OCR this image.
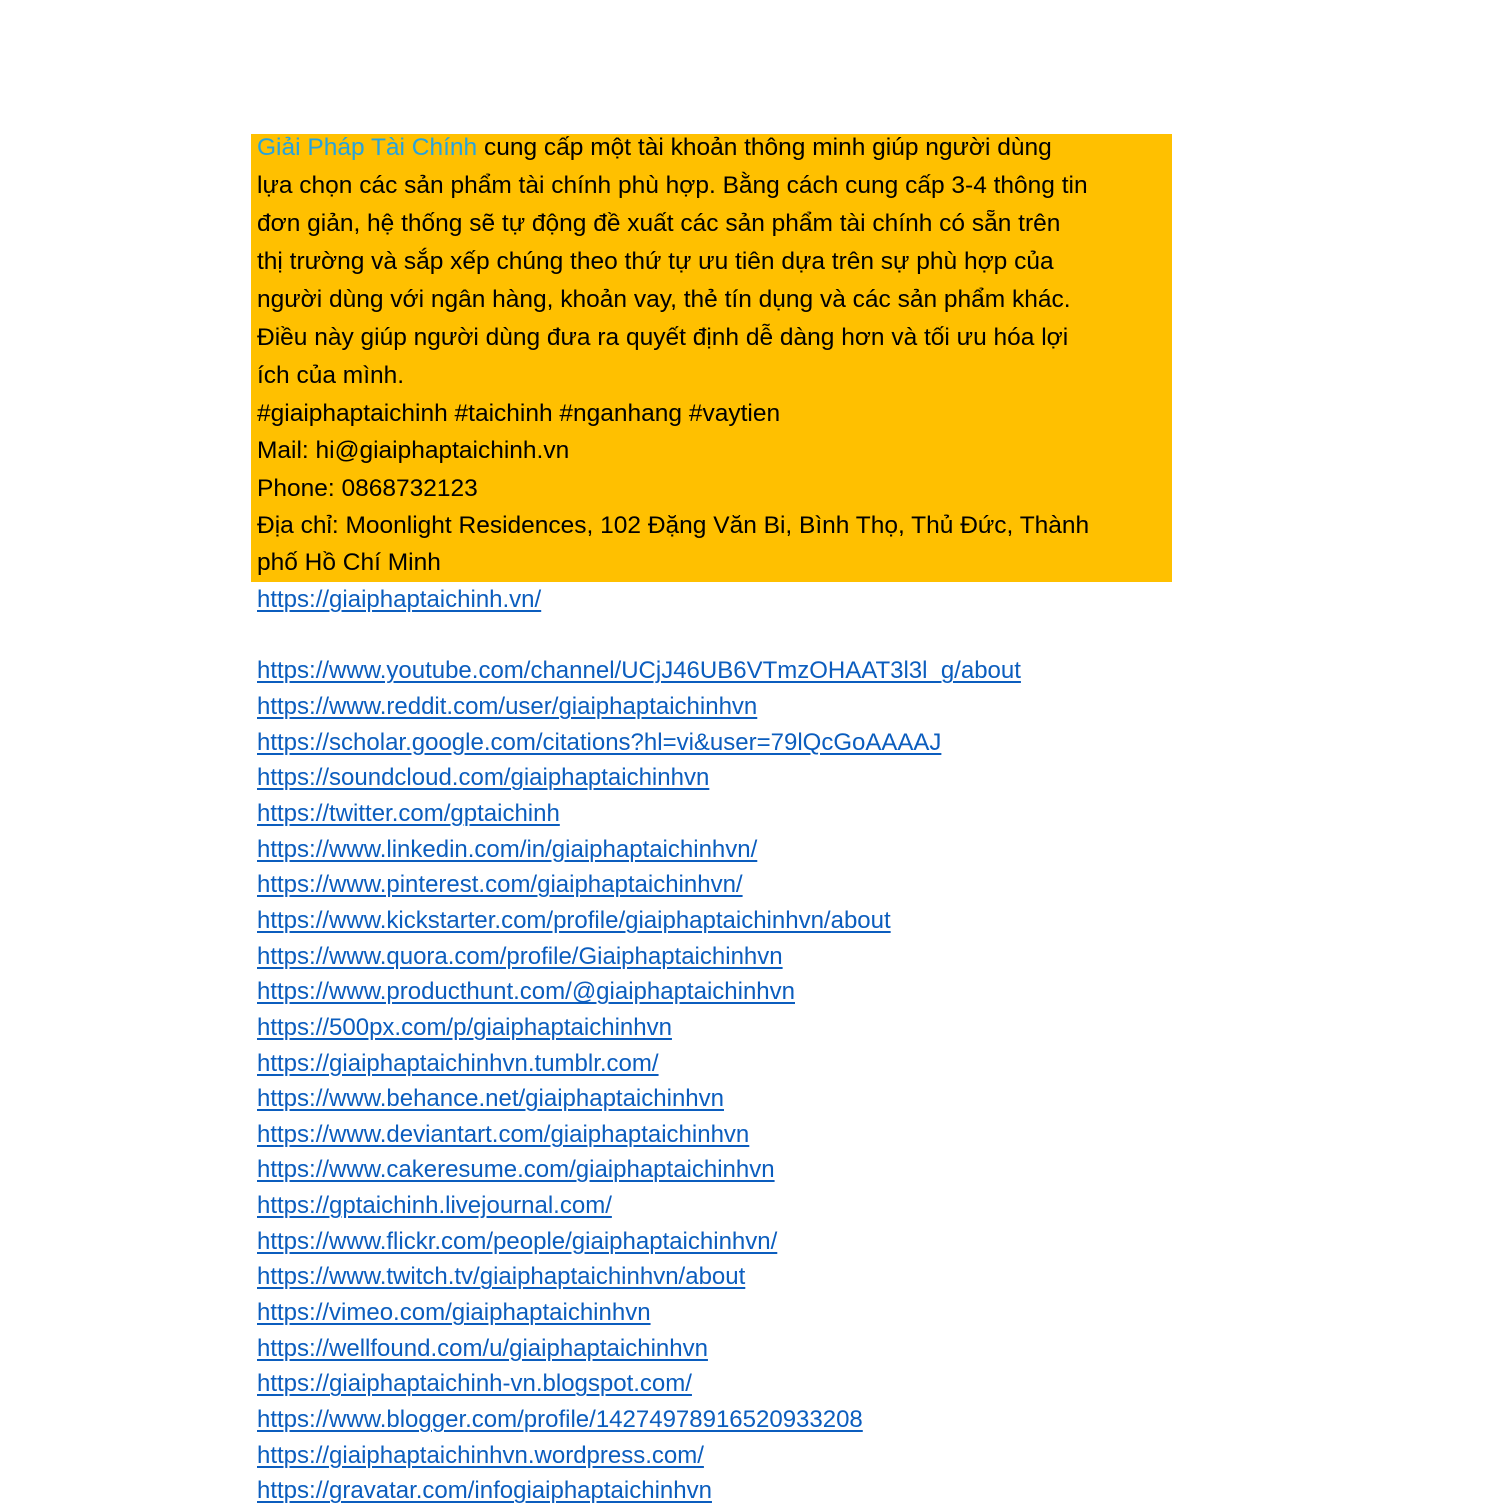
Giải Pháp Tài Chính cung cấp một tài khoản thông minh giúp người dùng
lựa chọn các sản phẩm tài chính phù hợp. Bằng cách cung cấp 3-4 thông tin
đơn giản, hệ thống sẽ tự động đề xuất các sản phẩm tài chính có sẵn trên
thị trường và sắp xếp chúng theo thứ tự ưu tiên dựa trên sự phù hợp của
người dùng với ngân hàng, khoản vay, thẻ tín dụng và các sản phẩm khác.
Điều này giúp người dùng đưa ra quyết định dễ dàng hơn và tối ưu hóa lợi
ích của mình.
#giaiphaptaichinh #taichinh #nganhang #vaytien
Mail: hi@giaiphaptaichinh.vn
Phone: 0868732123
Địa chỉ: Moonlight Residences, 102 Đặng Văn Bi, Bình Thọ, Thủ Đức, Thành
phố Hồ Chí Minh
https://giaiphaptaichinh.vn/
https://www.youtube.com/channel/UCjJ46UB6VTmzOHAAT3l3l_g/about
https://www.reddit.com/user/giaiphaptaichinhvn
https://scholar.google.com/citations?hl=vi&user=79lQcGoAAAAJ
https://soundcloud.com/giaiphaptaichinhvn
https://twitter.com/gptaichinh
https://www.linkedin.com/in/giaiphaptaichinhvn/
https://www.pinterest.com/giaiphaptaichinhvn/
https://www.kickstarter.com/profile/giaiphaptaichinhvn/about
https://www.quora.com/profile/Giaiphaptaichinhvn
https://www.producthunt.com/@giaiphaptaichinhvn
https://500px.com/p/giaiphaptaichinhvn
https://giaiphaptaichinhvn.tumblr.com/
https://www.behance.net/giaiphaptaichinhvn
https://www.deviantart.com/giaiphaptaichinhvn
https://www.cakeresume.com/giaiphaptaichinhvn
https://gptaichinh.livejournal.com/
https://www.flickr.com/people/giaiphaptaichinhvn/
https://www.twitch.tv/giaiphaptaichinhvn/about
https://vimeo.com/giaiphaptaichinhvn
https://wellfound.com/u/giaiphaptaichinhvn
https://giaiphaptaichinh-vn.blogspot.com/
https://www.blogger.com/profile/14274978916520933208
https://giaiphaptaichinhvn.wordpress.com/
https://gravatar.com/infogiaiphaptaichinhvn
